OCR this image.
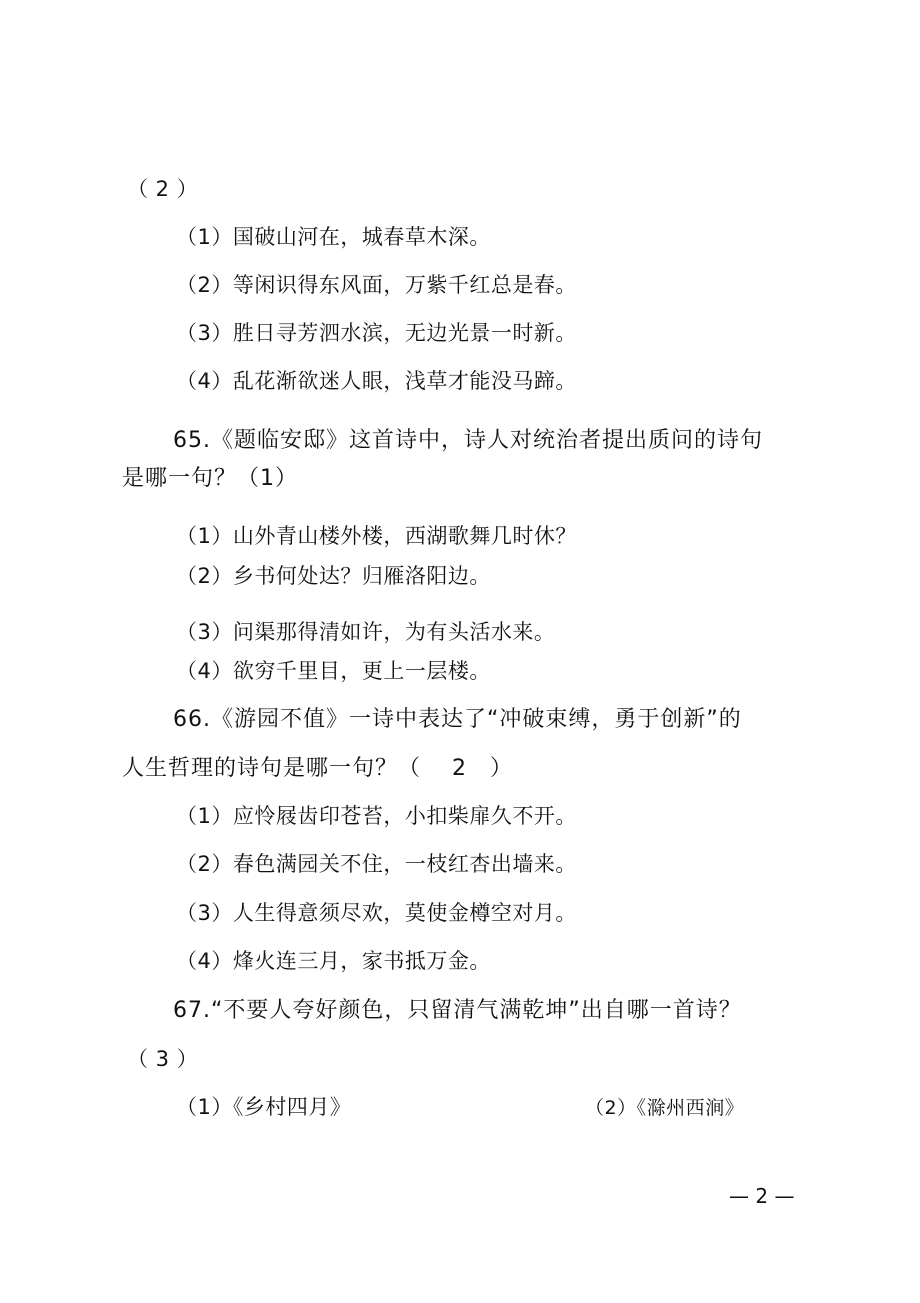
（ 2 ）
（1）国破山河在，城春草木深。
（2）等闲识得东风面，万紫千红总是春。
（3）胜日寻芳泗水滨，无边光景一时新。
（4）乱花渐欲迷人眼，浅草才能没马蹄。
65.《题临安邸》这首诗中，诗人对统治者提出质问的诗句
是哪一句？（1）
（1）山外青山楼外楼，西湖歌舞几时休？
（2）乡书何处达？归雁洛阳边。
（3）问渠那得清如许，为有头活水来。
（4）欲穷千里目，更上一层楼。
66.《游园不值》一诗中表达了“冲破束缚，勇于创新”的
人生哲理的诗句是哪一句？（　 2　）
（1）应怜屐齿印苍苔，小扣柴扉久不开。
（2）春色满园关不住，一枝红杏出墙来。
（3）人生得意须尽欢，莫使金樽空对月。
（4）烽火连三月，家书抵万金。
67.“不要人夸好颜色，只留清气满乾坤”出自哪一首诗？
（ 3 ）
（1）《乡村四月》	（2）《滁州西涧》
— 2 —
